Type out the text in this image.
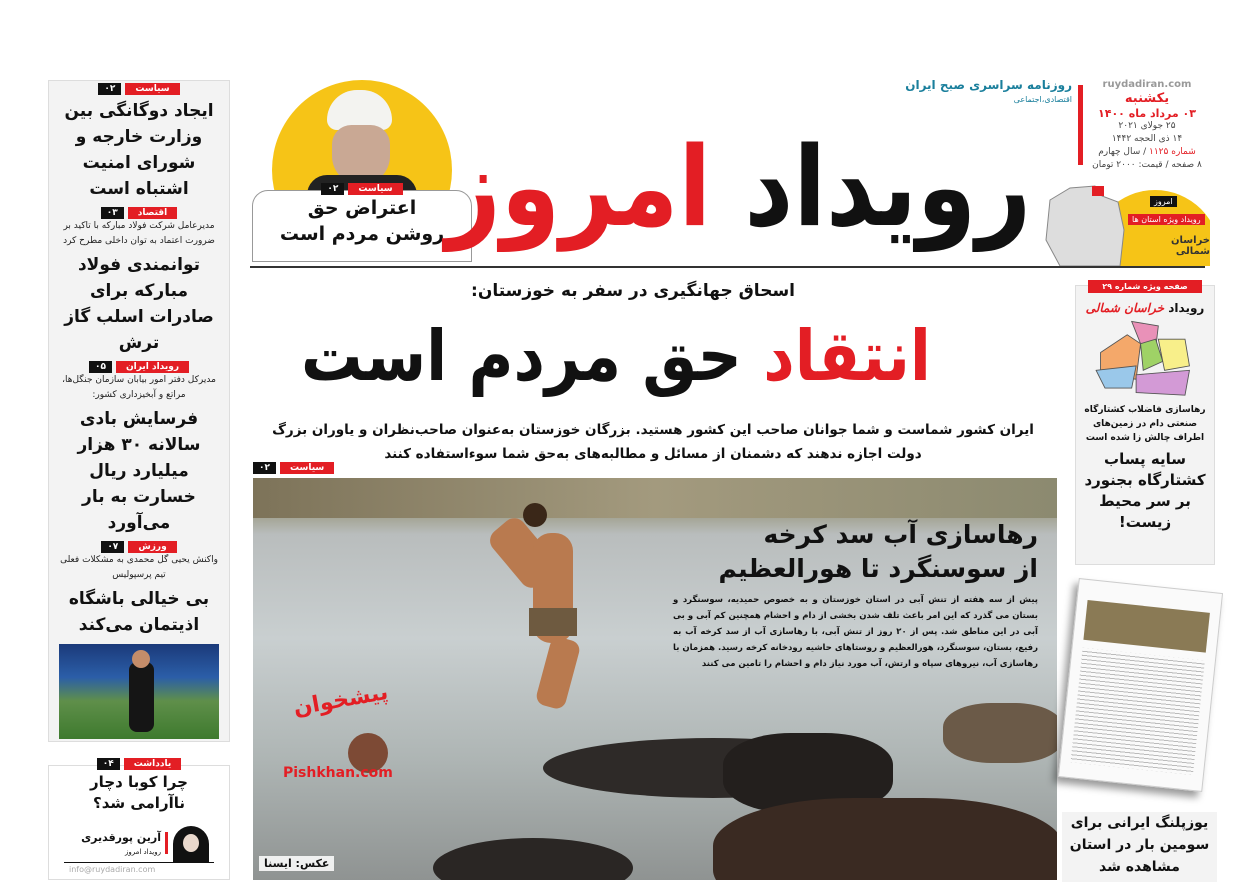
سیاست
۰۲
اعتراض حق روشن مردم است
روزنامه سراسری صبح ایران
اقتصادی،اجتماعی
رویداد امروز
ruydadiran.com
یکشنبه
۰۳ مرداد ماه ۱۴۰۰
۲۵ جولای ۲۰۲۱
۱۴ ذی الحجه ۱۴۴۲
شماره ۱۱۲۵ / سال چهارم
۸ صفحه / قیمت: ۲۰۰۰ تومان
امروز
رویداد ویژه استان ها
خراسان شمالی
اسحاق جهانگیری در سفر به خوزستان:
انتقاد حق مردم است
ایران کشور شماست و شما جوانان صاحب این کشور هستید. بزرگان خوزستان به‌عنوان صاحب‌نظران و یاوران بزرگ دولت اجازه ندهند که دشمنان از مسائل و مطالبه‌های به‌حق شما سوءاستفاده کنند
سیاست
۰۲
پیشخوان
Pishkhan.com
عکس: ایسنا
رهاسازی آب سد کرخه
از سوسنگرد تا هورالعظیم
پیش از سه هفته از تنش آبی در استان خوزستان و به خصوص حمیدیه، سوسنگرد و بستان می گذرد که این امر باعث تلف شدن بخشی از دام و احشام همچنین کم آبی و بی آبی در این مناطق شد. پس از ۲۰ روز از تنش آبی، با رهاسازی آب از سد کرخه آب به رفیع، بستان، سوسنگرد، هورالعظیم و روستاهای حاشیه رودخانه کرخه رسید. همزمان با رهاسازی آب، نیروهای سپاه و ارتش، آب مورد نیاز دام و احشام را تامین می کنند
سیاست
۰۲
ایجاد دوگانگی بین وزارت خارجه و شورای امنیت اشتباه است
اقتصاد
۰۳
مدیرعامل شرکت فولاد مبارکه با تاکید بر ضرورت اعتماد به توان داخلی مطرح کرد
توانمندی فولاد مبارکه برای صادرات اسلب گاز ترش
رویداد ایران
۰۵
مدیرکل دفتر امور بیابان سازمان جنگل‌ها، مراتع و آبخیزداری کشور:
فرسایش بادی سالانه ۳۰ هزار میلیارد ریال خسارت به بار می‌آورد
ورزش
۰۷
واکنش یحیی گل محمدی به مشکلات فعلی تیم پرسپولیس
بی خیالی باشگاه اذیتمان می‌کند
یادداشت
۰۴
چرا کوبا دچار ناآرامی شد؟
آرین پورقدیری
رویداد امروز
info@ruydadiran.com
صفحه ویژه شماره ۲۹
رویداد خراسان شمالی
رهاسازی فاضلاب کشتارگاه صنعتی دام در زمین‌های اطراف چالش زا شده است
سایه پساب کشتارگاه بجنورد بر سر محیط زیست!
یوزپلنگ ایرانی برای سومین بار در استان مشاهده شد
